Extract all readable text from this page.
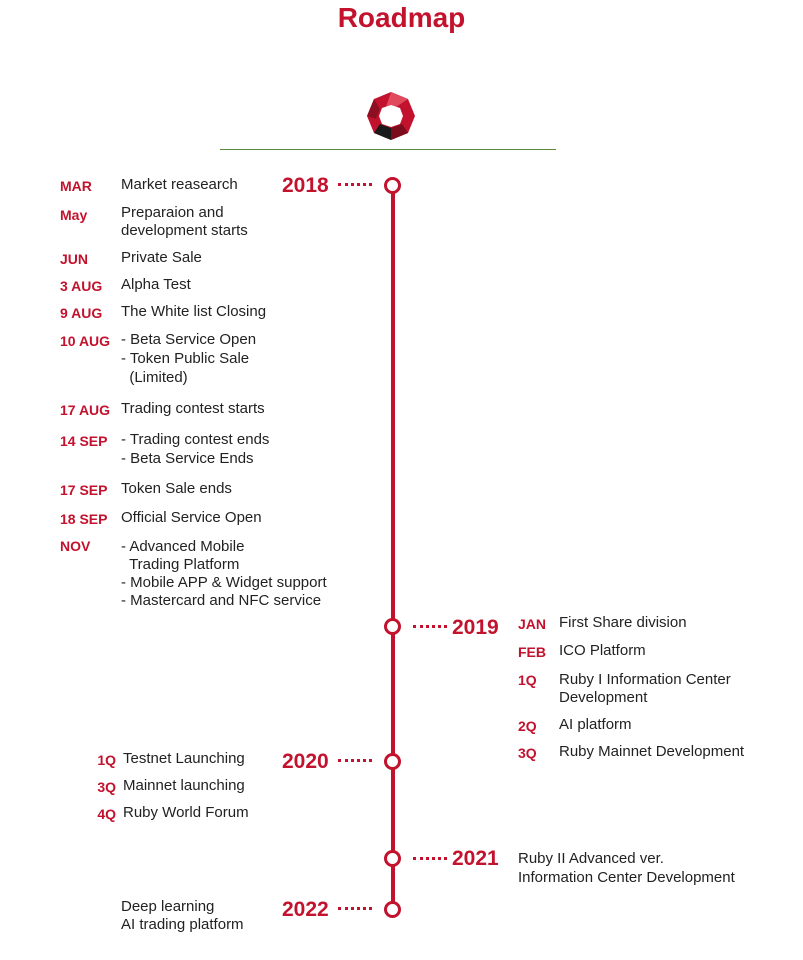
Roadmap
2018
2019
2020
2021
2022
MAR Market reasearch
May Preparaion and
development starts
JUN Private Sale
3 AUG Alpha Test
9 AUG The White list Closing
10 AUG - Beta Service Open
- Token Public Sale
(Limited)
17 AUG Trading contest starts
14 SEP - Trading contest ends
- Beta Service Ends
17 SEP Token Sale ends
18 SEP Official Service Open
NOV - Advanced Mobile
Trading Platform
- Mobile APP & Widget support
- Mastercard and NFC service
JAN First Share division
FEB ICO Platform
1Q Ruby I Information Center
Development
2Q AI platform
3Q Ruby Mainnet Development
1Q Testnet Launching
3Q Mainnet launching
4Q Ruby World Forum
Ruby II Advanced ver.
Information Center Development
Deep learning
AI trading platform
